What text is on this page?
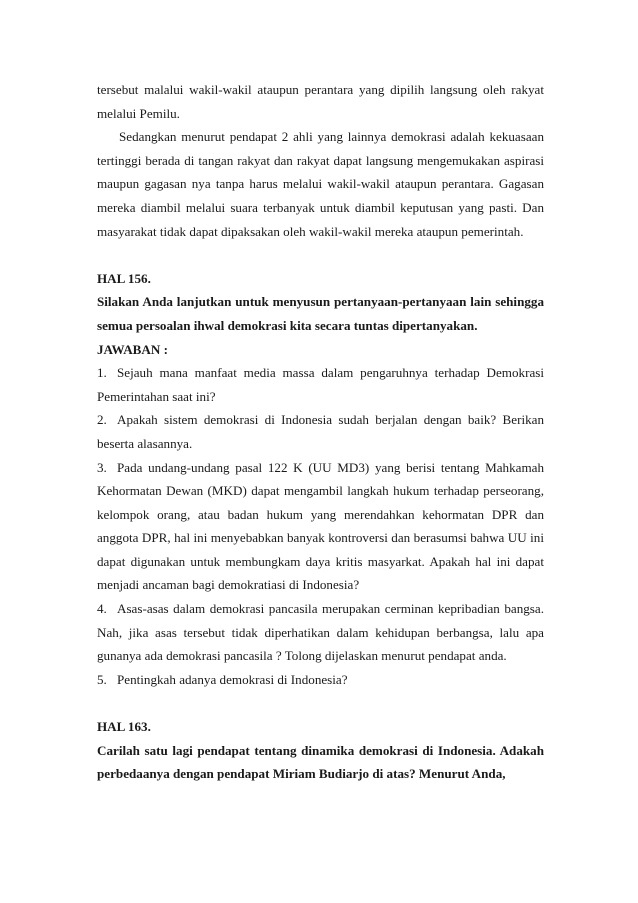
tersebut malalui wakil-wakil ataupun perantara yang dipilih langsung oleh rakyat melalui Pemilu.

Sedangkan menurut pendapat 2 ahli yang lainnya demokrasi adalah kekuasaan tertinggi berada di tangan rakyat dan rakyat dapat langsung mengemukakan aspirasi maupun gagasan nya tanpa harus melalui wakil-wakil ataupun perantara. Gagasan mereka diambil melalui suara terbanyak untuk diambil keputusan yang pasti. Dan masyarakat tidak dapat dipaksakan oleh wakil-wakil mereka ataupun pemerintah.

HAL 156.

Silakan Anda lanjutkan untuk menyusun pertanyaan-pertanyaan lain sehingga semua persoalan ihwal demokrasi kita secara tuntas dipertanyakan.

JAWABAN :

1. Sejauh mana manfaat media massa dalam pengaruhnya terhadap Demokrasi Pemerintahan saat ini?

2. Apakah sistem demokrasi di Indonesia sudah berjalan dengan baik? Berikan beserta alasannya.

3. Pada undang-undang pasal 122 K (UU MD3) yang berisi tentang Mahkamah Kehormatan Dewan (MKD) dapat mengambil langkah hukum terhadap perseorang, kelompok orang, atau badan hukum yang merendahkan kehormatan DPR dan anggota DPR, hal ini menyebabkan banyak kontroversi dan berasumsi bahwa UU ini dapat digunakan untuk membungkam daya kritis masyarkat. Apakah hal ini dapat menjadi ancaman bagi demokratiasi di Indonesia?

4. Asas-asas dalam demokrasi pancasila merupakan cerminan kepribadian bangsa. Nah, jika asas tersebut tidak diperhatikan dalam kehidupan berbangsa, lalu apa gunanya ada demokrasi pancasila ? Tolong dijelaskan menurut pendapat anda.

5. Pentingkah adanya demokrasi di Indonesia?

HAL 163.

Carilah satu lagi pendapat tentang dinamika demokrasi di Indonesia. Adakah perbedaanya dengan pendapat Miriam Budiarjo di atas? Menurut Anda,
